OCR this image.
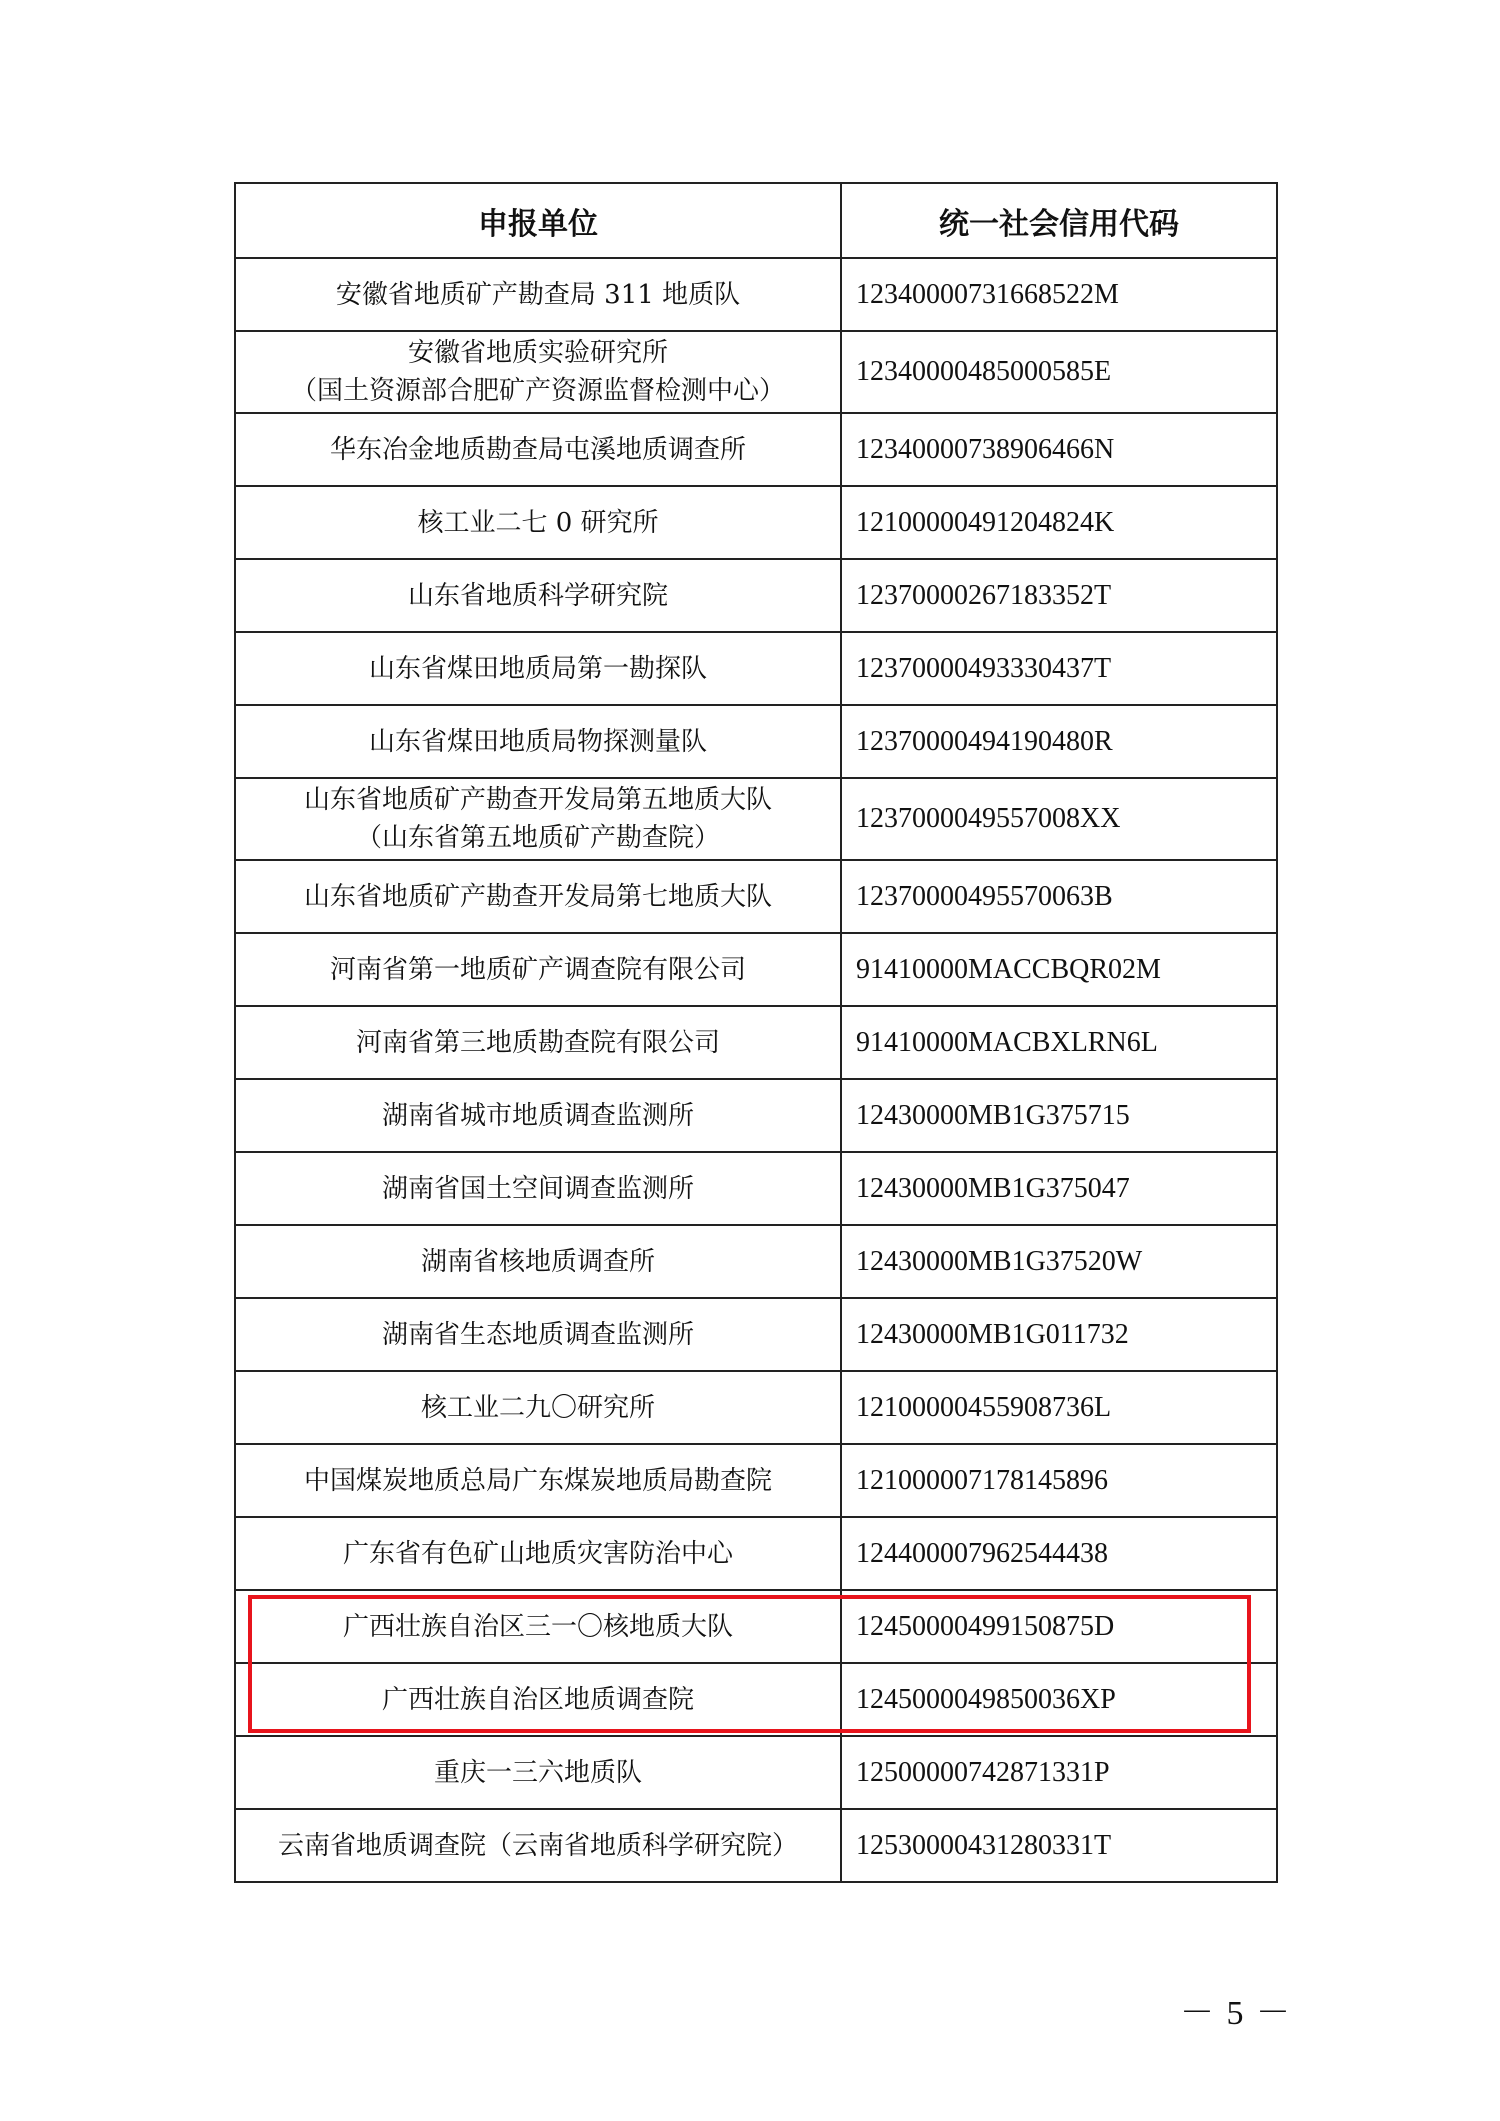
申报单位	统一社会信用代码

安徽省地质矿产勘查局 311 地质队	12340000731668522M

安徽省地质实验研究所
（国土资源部合肥矿产资源监督检测中心）	12340000485000585E

华东冶金地质勘查局屯溪地质调查所	12340000738906466N

核工业二七 0 研究所	12100000491204824K

山东省地质科学研究院	12370000267183352T

山东省煤田地质局第一勘探队	12370000493330437T

山东省煤田地质局物探测量队	12370000494190480R

山东省地质矿产勘查开发局第五地质大队
（山东省第五地质矿产勘查院）	1237000049557008XX

山东省地质矿产勘查开发局第七地质大队	12370000495570063B

河南省第一地质矿产调查院有限公司	91410000MACCBQR02M

河南省第三地质勘查院有限公司	91410000MACBXLRN6L

湖南省城市地质调查监测所	12430000MB1G375715

湖南省国土空间调查监测所	12430000MB1G375047

湖南省核地质调查所	12430000MB1G37520W

湖南省生态地质调查监测所	12430000MB1G011732

核工业二九〇研究所	12100000455908736L

中国煤炭地质总局广东煤炭地质局勘查院	121000007178145896

广东省有色矿山地质灾害防治中心	124400007962544438

广西壮族自治区三一〇核地质大队	12450000499150875D

广西壮族自治区地质调查院	1245000049850036XP

重庆一三六地质队	12500000742871331P

云南省地质调查院（云南省地质科学研究院）	12530000431280331T
－ 5 －
